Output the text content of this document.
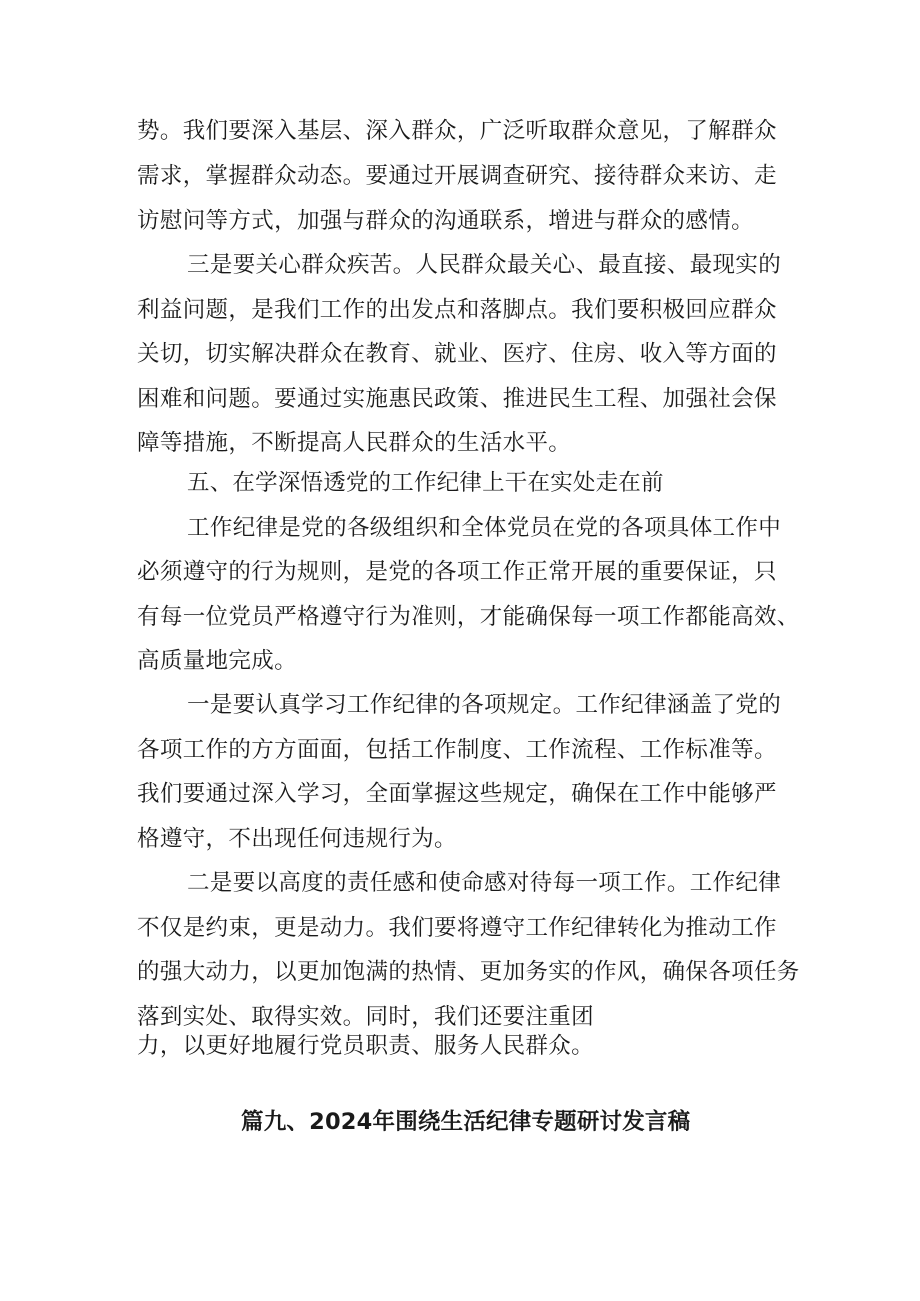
势。我们要深入基层、深入群众，广泛听取群众意见，了解群众
需求，掌握群众动态。要通过开展调查研究、接待群众来访、走
访慰问等方式，加强与群众的沟通联系，增进与群众的感情。
三是要关心群众疾苦。人民群众最关心、最直接、最现实的
利益问题，是我们工作的出发点和落脚点。我们要积极回应群众
关切，切实解决群众在教育、就业、医疗、住房、收入等方面的
困难和问题。要通过实施惠民政策、推进民生工程、加强社会保
障等措施，不断提高人民群众的生活水平。
五、在学深悟透党的工作纪律上干在实处走在前
工作纪律是党的各级组织和全体党员在党的各项具体工作中
必须遵守的行为规则，是党的各项工作正常开展的重要保证，只
有每一位党员严格遵守行为准则，才能确保每一项工作都能高效、
高质量地完成。
一是要认真学习工作纪律的各项规定。工作纪律涵盖了党的
各项工作的方方面面，包括工作制度、工作流程、工作标准等。
我们要通过深入学习，全面掌握这些规定，确保在工作中能够严
格遵守，不出现任何违规行为。
二是要以高度的责任感和使命感对待每一项工作。工作纪律
不仅是约束，更是动力。我们要将遵守工作纪律转化为推动工作
的强大动力，以更加饱满的热情、更加务实的作风，确保各项任务
落到实处、取得实效。同时，我们还要注重团
力，以更好地履行党员职责、服务人民群众。
篇九、2024年围绕生活纪律专题研讨发言稿
